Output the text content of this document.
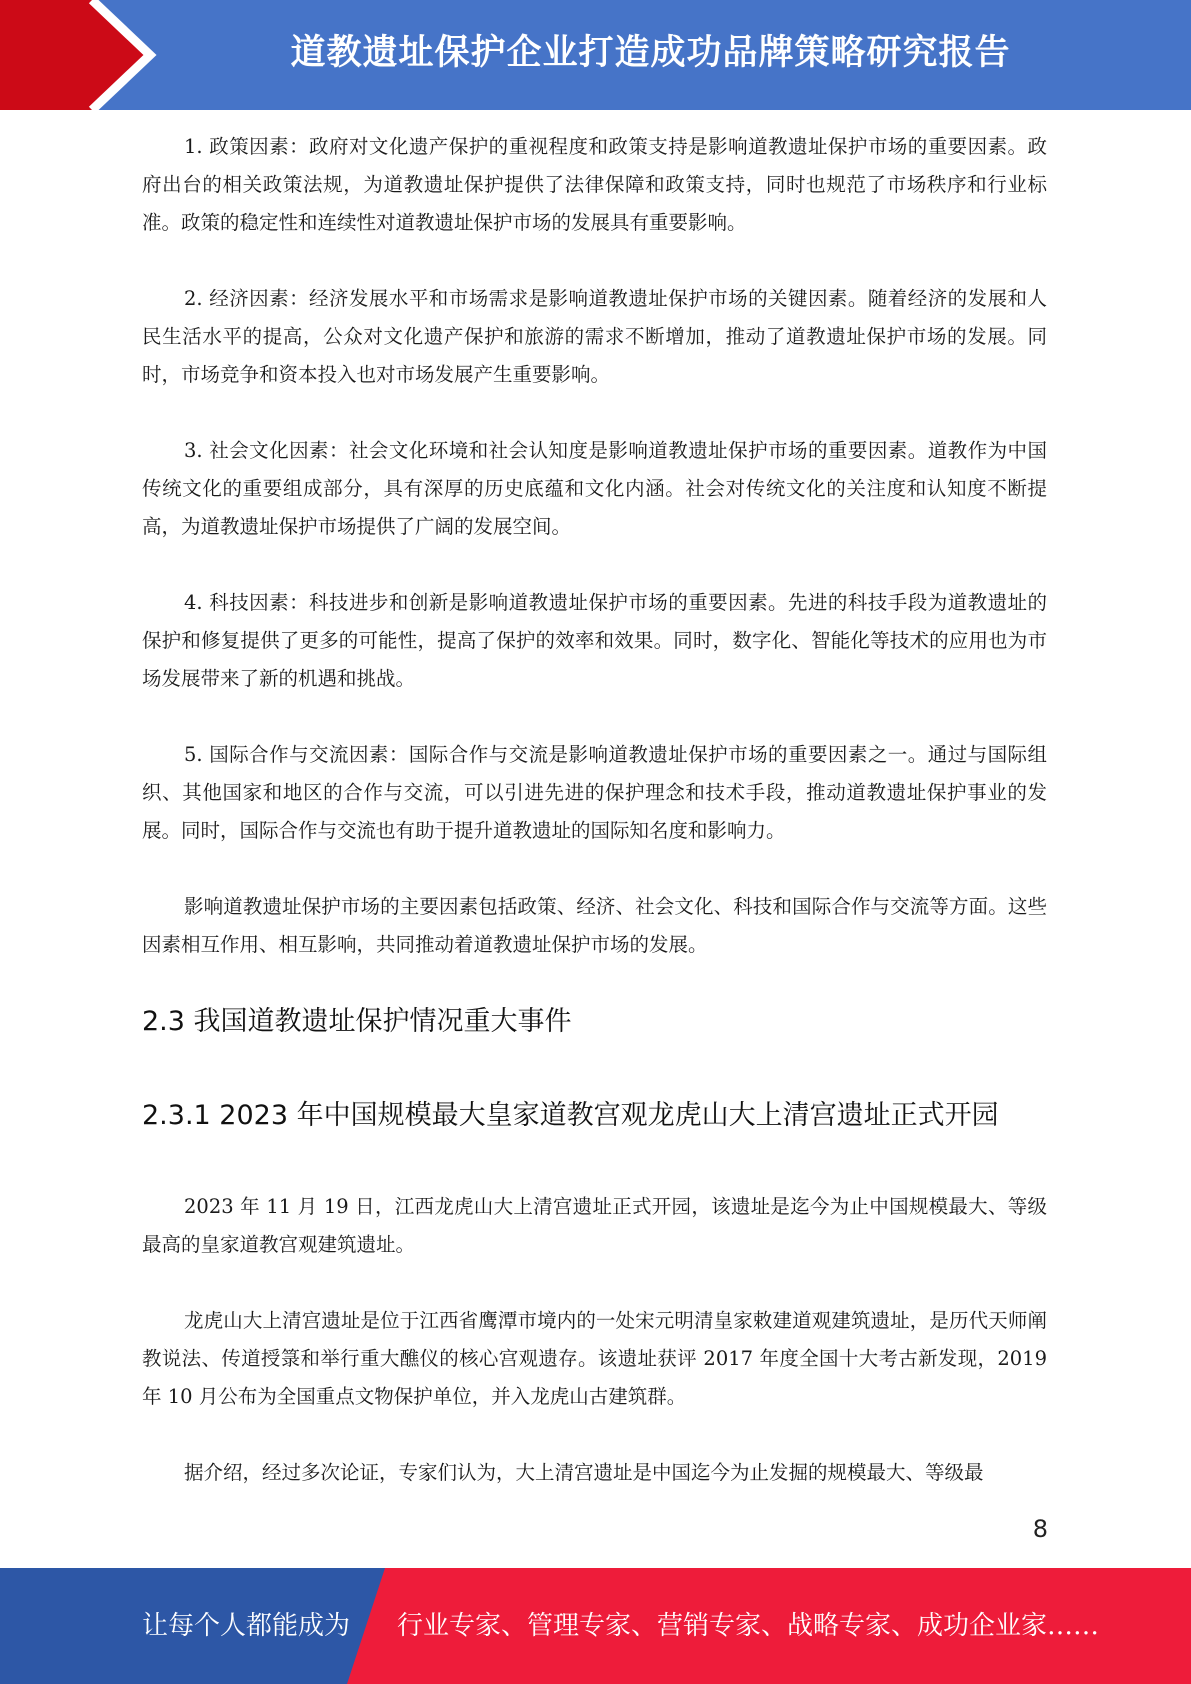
道教遗址保护企业打造成功品牌策略研究报告

1. 政策因素：政府对文化遗产保护的重视程度和政策支持是影响道教遗址保护市场的重要因素。政府出台的相关政策法规，为道教遗址保护提供了法律保障和政策支持，同时也规范了市场秩序和行业标准。政策的稳定性和连续性对道教遗址保护市场的发展具有重要影响。

2. 经济因素：经济发展水平和市场需求是影响道教遗址保护市场的关键因素。随着经济的发展和人民生活水平的提高，公众对文化遗产保护和旅游的需求不断增加，推动了道教遗址保护市场的发展。同时，市场竞争和资本投入也对市场发展产生重要影响。

3. 社会文化因素：社会文化环境和社会认知度是影响道教遗址保护市场的重要因素。道教作为中国传统文化的重要组成部分，具有深厚的历史底蕴和文化内涵。社会对传统文化的关注度和认知度不断提高，为道教遗址保护市场提供了广阔的发展空间。

4. 科技因素：科技进步和创新是影响道教遗址保护市场的重要因素。先进的科技手段为道教遗址的保护和修复提供了更多的可能性，提高了保护的效率和效果。同时，数字化、智能化等技术的应用也为市场发展带来了新的机遇和挑战。

5. 国际合作与交流因素：国际合作与交流是影响道教遗址保护市场的重要因素之一。通过与国际组织、其他国家和地区的合作与交流，可以引进先进的保护理念和技术手段，推动道教遗址保护事业的发展。同时，国际合作与交流也有助于提升道教遗址的国际知名度和影响力。

影响道教遗址保护市场的主要因素包括政策、经济、社会文化、科技和国际合作与交流等方面。这些因素相互作用、相互影响，共同推动着道教遗址保护市场的发展。

2.3 我国道教遗址保护情况重大事件
2.3.1 2023 年中国规模最大皇家道教宫观龙虎山大上清宫遗址正式开园

2023 年 11 月 19 日，江西龙虎山大上清宫遗址正式开园，该遗址是迄今为止中国规模最大、等级最高的皇家道教宫观建筑遗址。

龙虎山大上清宫遗址是位于江西省鹰潭市境内的一处宋元明清皇家敕建道观建筑遗址，是历代天师阐教说法、传道授箓和举行重大醮仪的核心宫观遗存。该遗址获评 2017 年度全国十大考古新发现，2019 年 10 月公布为全国重点文物保护单位，并入龙虎山古建筑群。

据介绍，经过多次论证，专家们认为，大上清宫遗址是中国迄今为止发掘的规模最大、等级最

8
让每个人都能成为 行业专家、管理专家、营销专家、战略专家、成功企业家……
